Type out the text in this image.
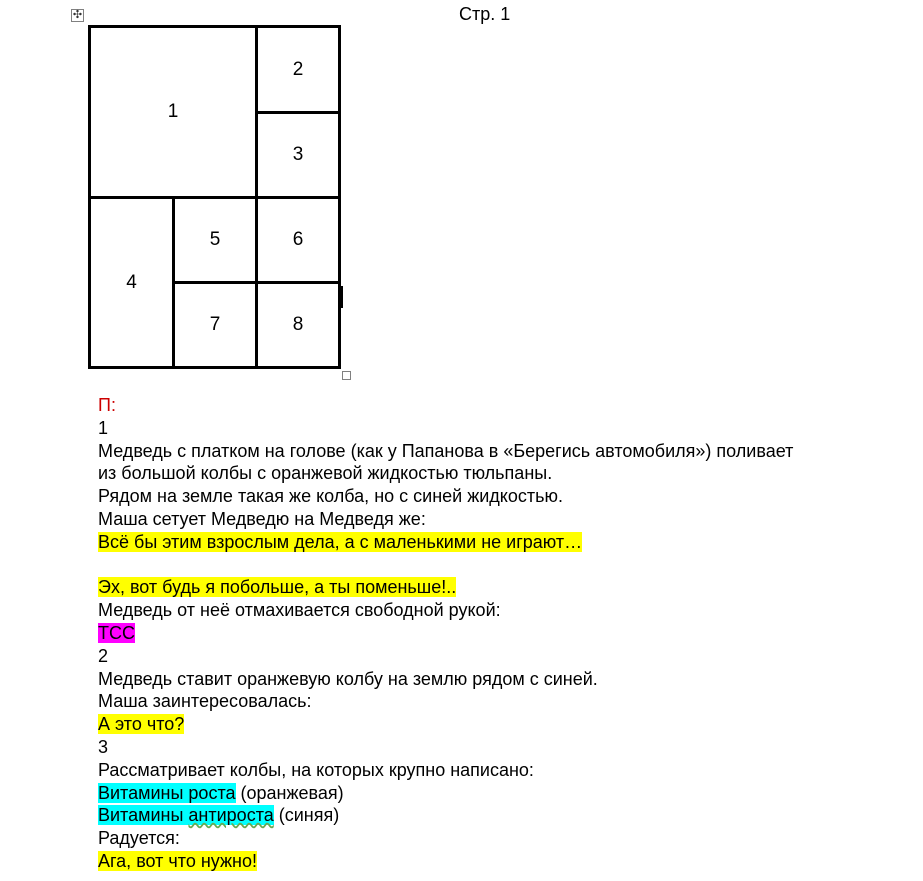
Стр. 1
✣
1
2
3
4
5	6
7	8
П:
1
Медведь с платком на голове (как у Папанова в «Берегись автомобиля») поливает
из большой колбы с оранжевой жидкостью тюльпаны.
Рядом на земле такая же колба, но с синей жидкостью.
Маша сетует Медведю на Медведя же:
Всё бы этим взрослым дела, а с маленькими не играют…
Эх, вот будь я побольше, а ты поменьше!..
Медведь от неё отмахивается свободной рукой:
ТСС
2
Медведь ставит оранжевую колбу на землю рядом с синей.
Маша заинтересовалась:
А это что?
3
Рассматривает колбы, на которых крупно написано:
Витамины роста (оранжевая)
Витамины антироста (синяя)
Радуется:
Ага, вот что нужно!
